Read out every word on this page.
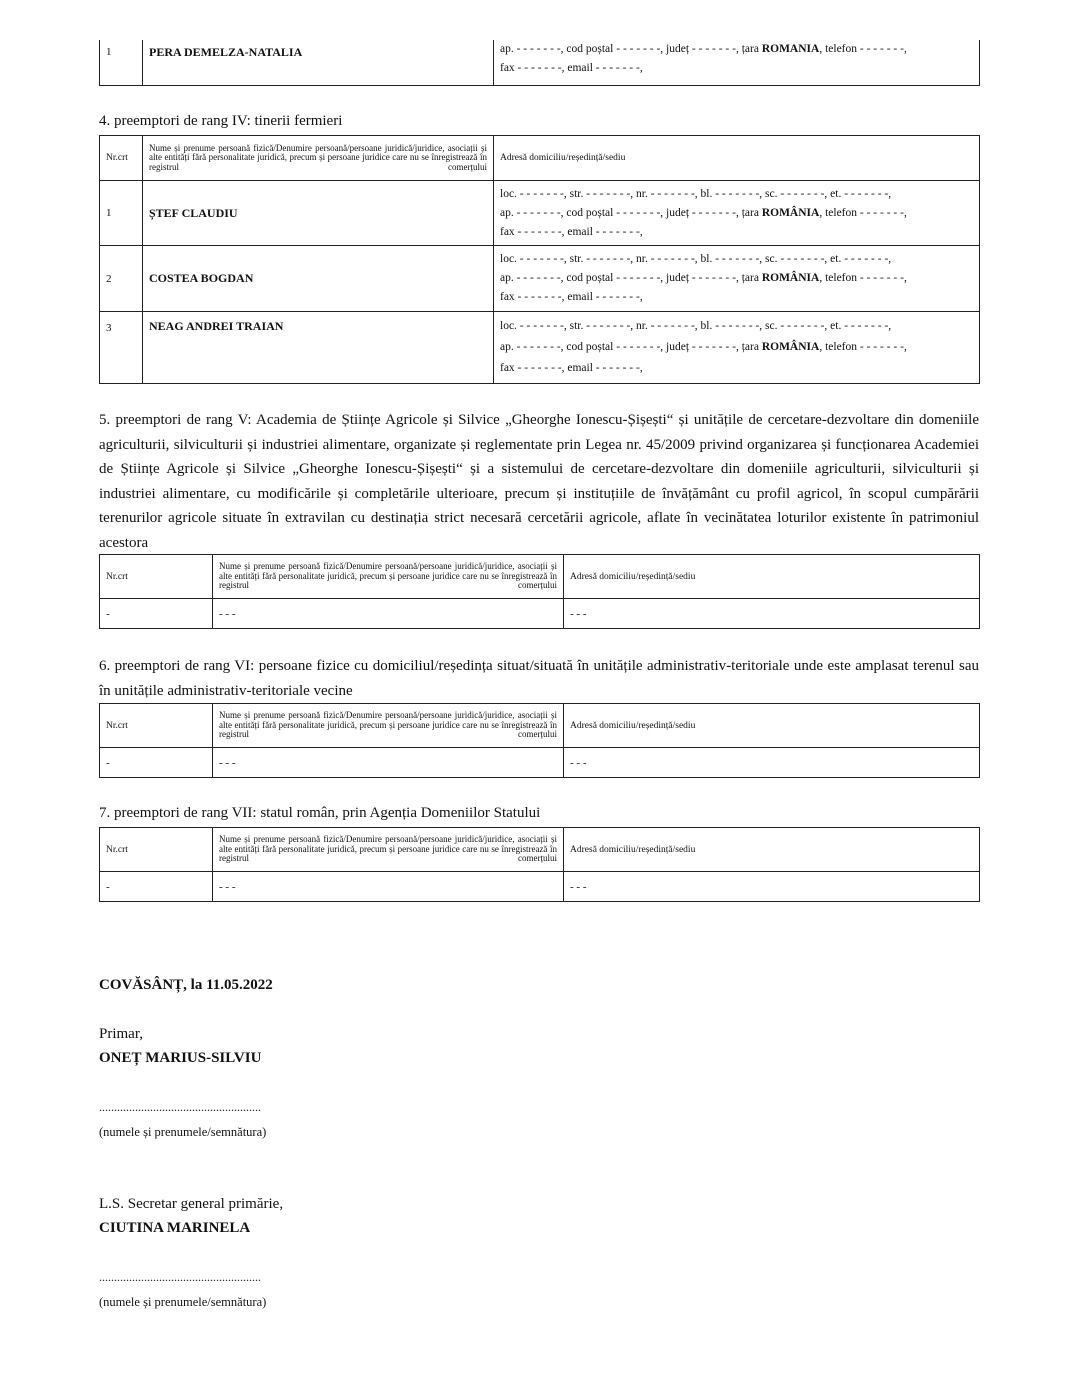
1	PERA DEMELZA-NATALIA	ap. - - - - - - -, cod poștal - - - - - - -, județ - - - - - - -, țara ROMANIA, telefon - - - - - - -,
fax - - - - - - -, email - - - - - - -,
4. preemptori de rang IV: tinerii fermieri
Nr.crt	Nume și prenume persoană fizică/Denumire persoană/persoane juridică/juridice, asociații și alte entități fără personalitate juridică, precum și persoane juridice care nu se înregistrează în registrul comerțului	Adresă domiciliu/reședință/sediu
1	ȘTEF CLAUDIU	loc. - - - - - - -, str. - - - - - - -, nr. - - - - - - -, bl. - - - - - - -, sc. - - - - - - -, et. - - - - - - -,
ap. - - - - - - -, cod poștal - - - - - - -, județ - - - - - - -, țara ROMÂNIA, telefon - - - - - - -,
fax - - - - - - -, email - - - - - - -,

2	COSTEA BOGDAN	loc. - - - - - - -, str. - - - - - - -, nr. - - - - - - -, bl. - - - - - - -, sc. - - - - - - -, et. - - - - - - -,
ap. - - - - - - -, cod poștal - - - - - - -, județ - - - - - - -, țara ROMÂNIA, telefon - - - - - - -,
fax - - - - - - -, email - - - - - - -,

3	NEAG ANDREI TRAIAN	loc. - - - - - - -, str. - - - - - - -, nr. - - - - - - -, bl. - - - - - - -, sc. - - - - - - -, et. - - - - - - -,
ap. - - - - - - -, cod poștal - - - - - - -, județ - - - - - - -, țara ROMÂNIA, telefon - - - - - - -,
fax - - - - - - -, email - - - - - - -,
5. preemptori de rang V: Academia de Științe Agricole și Silvice „Gheorghe Ionescu-Șișești“ și unitățile de cercetare-dezvoltare din domeniile agriculturii, silviculturii și industriei alimentare, organizate și reglementate prin Legea nr. 45/2009 privind organizarea și funcționarea Academiei de Științe Agricole și Silvice „Gheorghe Ionescu-Șișești“ și a sistemului de cercetare-dezvoltare din domeniile agriculturii, silviculturii și industriei alimentare, cu modificările și completările ulterioare, precum și instituțiile de învățământ cu profil agricol, în scopul cumpărării terenurilor agricole situate în extravilan cu destinația strict necesară cercetării agricole, aflate în vecinătatea loturilor existente în patrimoniul acestora
Nr.crt	Nume și prenume persoană fizică/Denumire persoană/persoane juridică/juridice, asociații și alte entități fără personalitate juridică, precum și persoane juridice care nu se înregistrează în registrul comerțului	Adresă domiciliu/reședință/sediu
-	- - -	- - -
6. preemptori de rang VI: persoane fizice cu domiciliul/reședința situat/situată în unitățile administrativ-teritoriale unde este amplasat terenul sau în unitățile administrativ-teritoriale vecine
Nr.crt	Nume și prenume persoană fizică/Denumire persoană/persoane juridică/juridice, asociații și alte entități fără personalitate juridică, precum și persoane juridice care nu se înregistrează în registrul comerțului	Adresă domiciliu/reședință/sediu
-	- - -	- - -
7. preemptori de rang VII: statul român, prin Agenția Domeniilor Statului
Nr.crt	Nume și prenume persoană fizică/Denumire persoană/persoane juridică/juridice, asociații și alte entități fără personalitate juridică, precum și persoane juridice care nu se înregistrează în registrul comerțului	Adresă domiciliu/reședință/sediu
-	- - -	- - -
COVĂSÂNȚ, la 11.05.2022
Primar,
ONEȚ MARIUS-SILVIU
......................................................
(numele și prenumele/semnătura)
L.S. Secretar general primărie,
CIUTINA MARINELA
......................................................
(numele și prenumele/semnătura)
